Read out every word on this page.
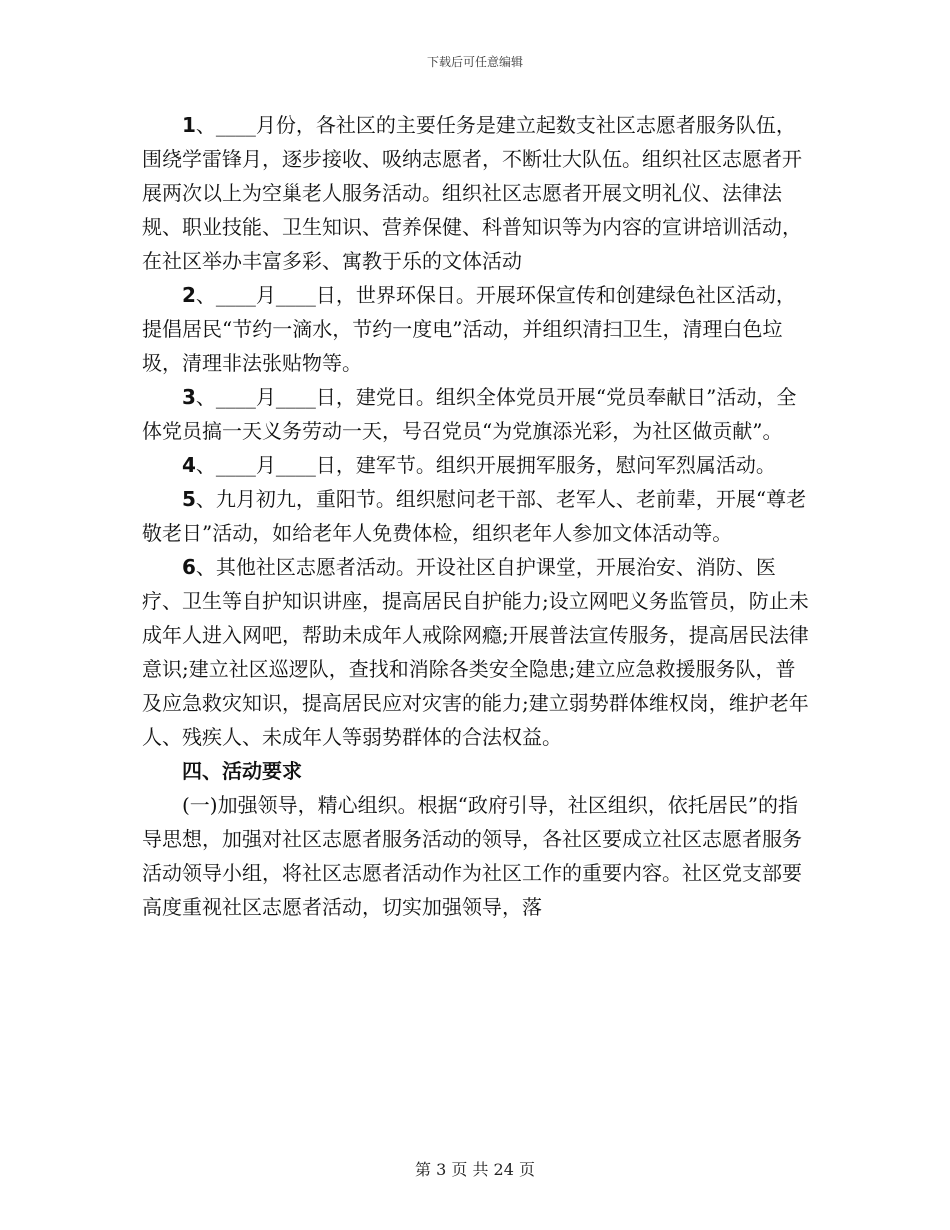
下载后可任意编辑

1、____月份，各社区的主要任务是建立起数支社区志愿者服务队伍，围绕学雷锋月，逐步接收、吸纳志愿者，不断壮大队伍。组织社区志愿者开展两次以上为空巢老人服务活动。组织社区志愿者开展文明礼仪、法律法规、职业技能、卫生知识、营养保健、科普知识等为内容的宣讲培训活动，在社区举办丰富多彩、寓教于乐的文体活动

2、____月____日，世界环保日。开展环保宣传和创建绿色社区活动，提倡居民“节约一滴水，节约一度电”活动，并组织清扫卫生，清理白色垃圾，清理非法张贴物等。

3、____月____日，建党日。组织全体党员开展“党员奉献日”活动，全体党员搞一天义务劳动一天，号召党员“为党旗添光彩，为社区做贡献”。

4、____月____日，建军节。组织开展拥军服务，慰问军烈属活动。

5、九月初九，重阳节。组织慰问老干部、老军人、老前辈，开展“尊老敬老日”活动，如给老年人免费体检，组织老年人参加文体活动等。

6、其他社区志愿者活动。开设社区自护课堂，开展治安、消防、医疗、卫生等自护知识讲座，提高居民自护能力;设立网吧义务监管员，防止未成年人进入网吧，帮助未成年人戒除网瘾;开展普法宣传服务，提高居民法律意识;建立社区巡逻队，查找和消除各类安全隐患;建立应急救援服务队，普及应急救灾知识，提高居民应对灾害的能力;建立弱势群体维权岗，维护老年人、残疾人、未成年人等弱势群体的合法权益。

四、活动要求

(一)加强领导，精心组织。根据“政府引导，社区组织，依托居民”的指导思想，加强对社区志愿者服务活动的领导，各社区要成立社区志愿者服务活动领导小组，将社区志愿者活动作为社区工作的重要内容。社区党支部要高度重视社区志愿者活动，切实加强领导，落

第 3 页 共 24 页
